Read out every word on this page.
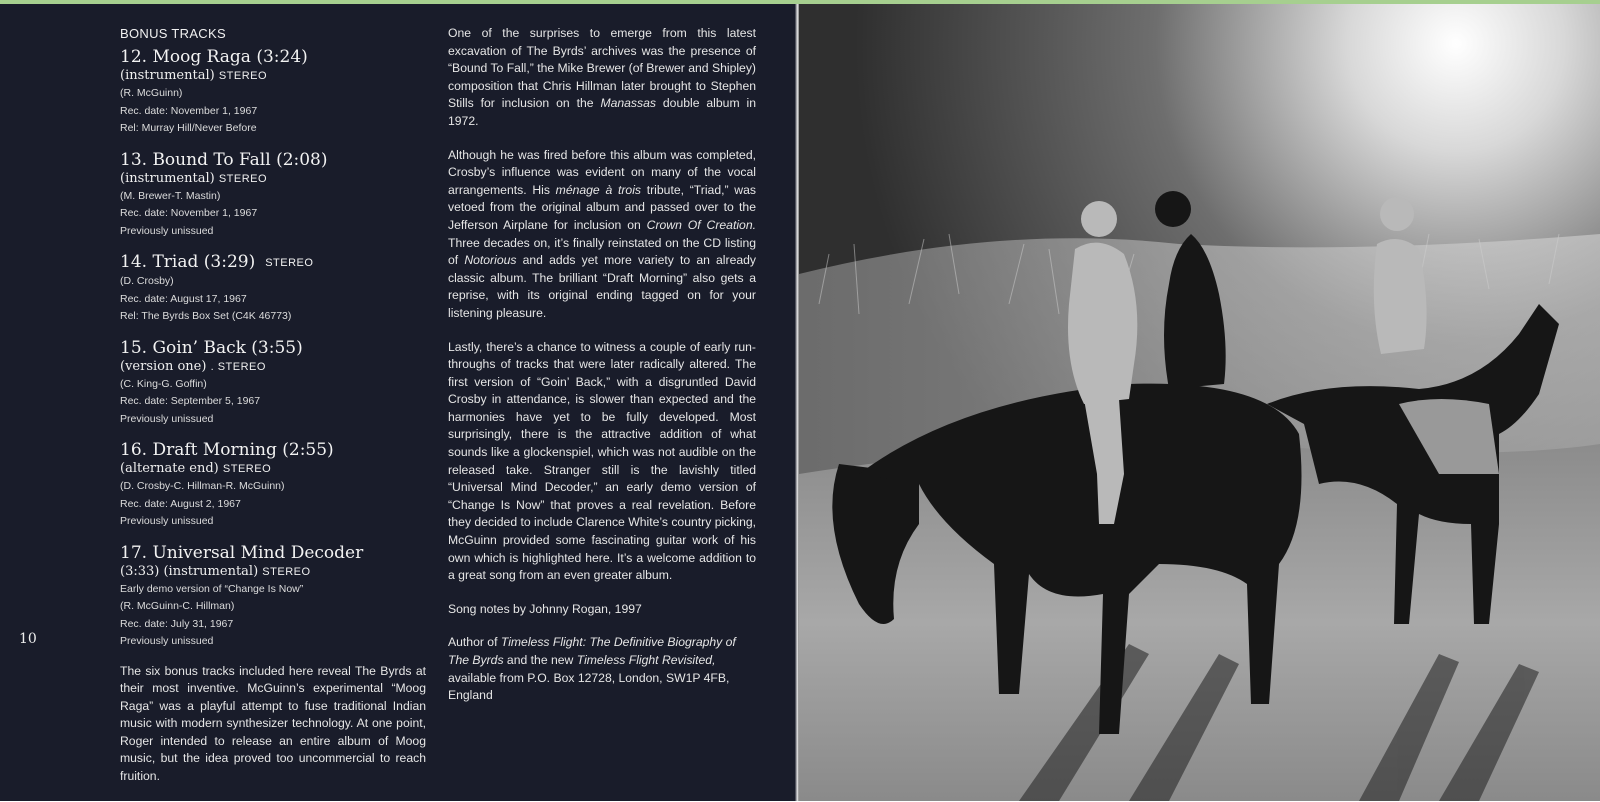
BONUS TRACKS
12. Moog Raga (3:24)
(instrumental) STEREO
(R. McGuinn)
Rec. date: November 1, 1967
Rel: Murray Hill/Never Before
13. Bound To Fall (2:08)
(instrumental) STEREO
(M. Brewer-T. Mastin)
Rec. date: November 1, 1967
Previously unissued
14. Triad (3:29) STEREO
(D. Crosby)
Rec. date: August 17, 1967
Rel: The Byrds Box Set (C4K 46773)
15. Goin’ Back (3:55)
(version one) . STEREO
(C. King-G. Goffin)
Rec. date: September 5, 1967
Previously unissued
16. Draft Morning (2:55)
(alternate end) STEREO
(D. Crosby-C. Hillman-R. McGuinn)
Rec. date: August 2, 1967
Previously unissued
17. Universal Mind Decoder
(3:33) (instrumental) STEREO
Early demo version of “Change Is Now”
(R. McGuinn-C. Hillman)
Rec. date: July 31, 1967
Previously unissued

The six bonus tracks included here reveal The Byrds at their most inventive. McGuinn’s experimental “Moog Raga” was a playful attempt to fuse traditional Indian music with modern synthesizer technology. At one point, Roger intended to release an entire album of Moog music, but the idea proved too uncommercial to reach fruition.

10

One of the surprises to emerge from this latest excavation of The Byrds’ archives was the presence of “Bound To Fall,” the Mike Brewer (of Brewer and Shipley) composition that Chris Hillman later brought to Stephen Stills for inclusion on the Manassas double album in 1972.

Although he was fired before this album was completed, Crosby’s influence was evident on many of the vocal arrangements. His ménage à trois tribute, “Triad,” was vetoed from the original album and passed over to the Jefferson Airplane for inclusion on Crown Of Creation. Three decades on, it’s finally reinstated on the CD listing of Notorious and adds yet more variety to an already classic album. The brilliant “Draft Morning” also gets a reprise, with its original ending tagged on for your listening pleasure.

Lastly, there’s a chance to witness a couple of early run-throughs of tracks that were later radically altered. The first version of “Goin’ Back,” with a disgruntled David Crosby in attendance, is slower than expected and the harmonies have yet to be fully developed. Most surprisingly, there is the attractive addition of what sounds like a glockenspiel, which was not audible on the released take. Stranger still is the lavishly titled “Universal Mind Decoder,” an early demo version of “Change Is Now” that proves a real revelation. Before they decided to include Clarence White’s country picking, McGuinn provided some fascinating guitar work of his own which is highlighted here. It’s a welcome addition to a great song from an even greater album.

Song notes by Johnny Rogan, 1997

Author of Timeless Flight: The Definitive Biography of The Byrds and the new Timeless Flight Revisited, available from P.O. Box 12728, London, SW1P 4FB, England
